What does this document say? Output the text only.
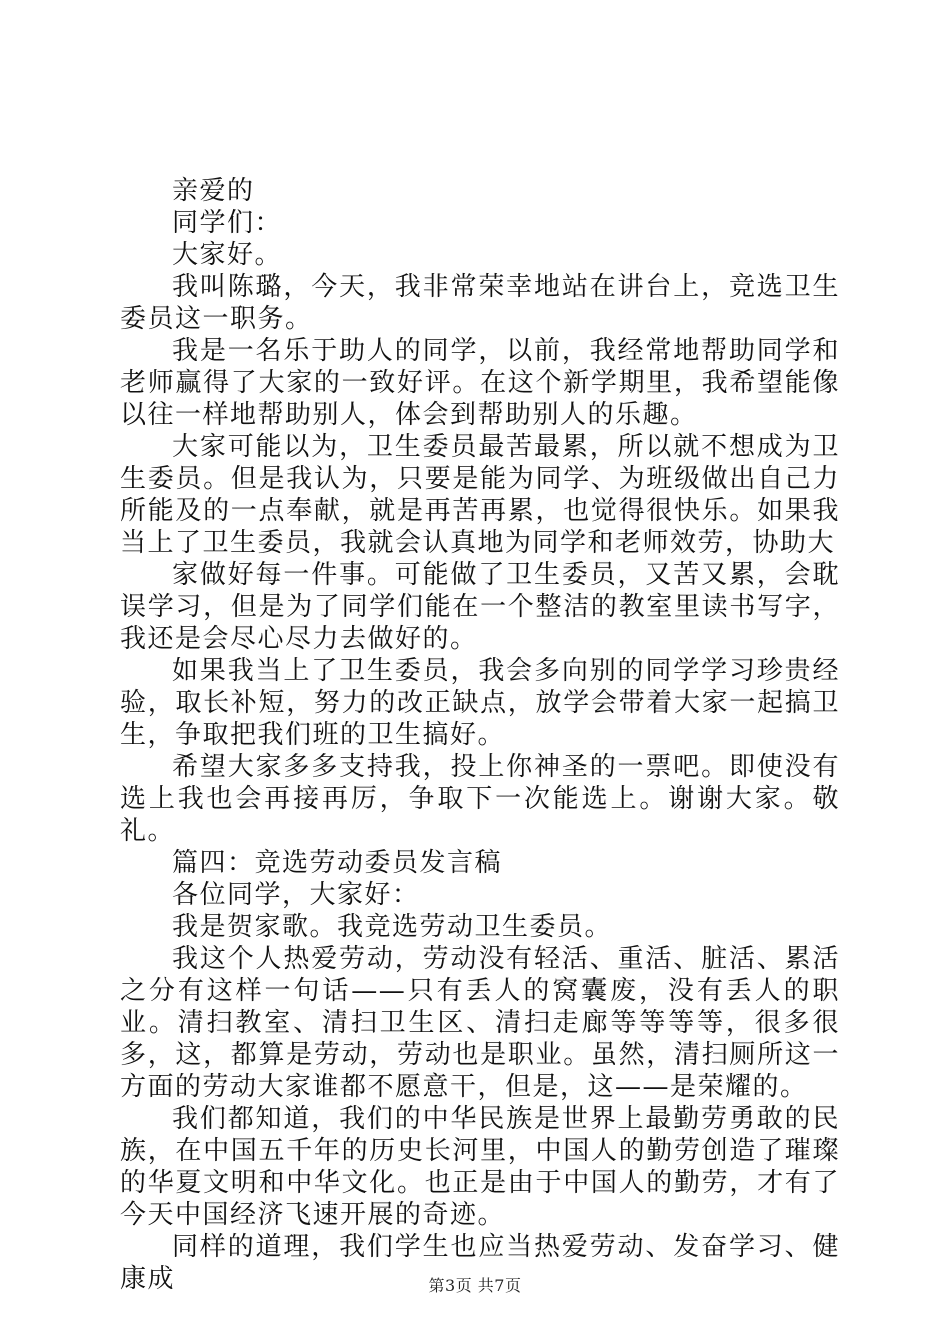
亲爱的

同学们：

大家好。

我叫陈璐，今天，我非常荣幸地站在讲台上，竞选卫生委员这一职务。

我是一名乐于助人的同学，以前，我经常地帮助同学和老师赢得了大家的一致好评。在这个新学期里，我希望能像以往一样地帮助别人，体会到帮助别人的乐趣。

大家可能以为，卫生委员最苦最累，所以就不想成为卫生委员。但是我认为，只要是能为同学、为班级做出自己力所能及的一点奉献，就是再苦再累，也觉得很快乐。如果我当上了卫生委员，我就会认真地为同学和老师效劳，协助大

家做好每一件事。可能做了卫生委员，又苦又累，会耽误学习，但是为了同学们能在一个整洁的教室里读书写字，我还是会尽心尽力去做好的。

如果我当上了卫生委员，我会多向别的同学学习珍贵经验，取长补短，努力的改正缺点，放学会带着大家一起搞卫生，争取把我们班的卫生搞好。

希望大家多多支持我，投上你神圣的一票吧。即使没有选上我也会再接再厉，争取下一次能选上。谢谢大家。敬礼。

篇四：竞选劳动委员发言稿

各位同学，大家好：

我是贺家歌。我竞选劳动卫生委员。

我这个人热爱劳动，劳动没有轻活、重活、脏活、累活之分有这样一句话——只有丢人的窝囊废，没有丢人的职业。清扫教室、清扫卫生区、清扫走廊等等等等，很多很多，这，都算是劳动，劳动也是职业。虽然，清扫厕所这一方面的劳动大家谁都不愿意干，但是，这——是荣耀的。

我们都知道，我们的中华民族是世界上最勤劳勇敢的民族，在中国五千年的历史长河里，中国人的勤劳创造了璀璨的华夏文明和中华文化。也正是由于中国人的勤劳，才有了今天中国经济飞速开展的奇迹。

同样的道理，我们学生也应当热爱劳动、发奋学习、健康成	第3页 共7页
